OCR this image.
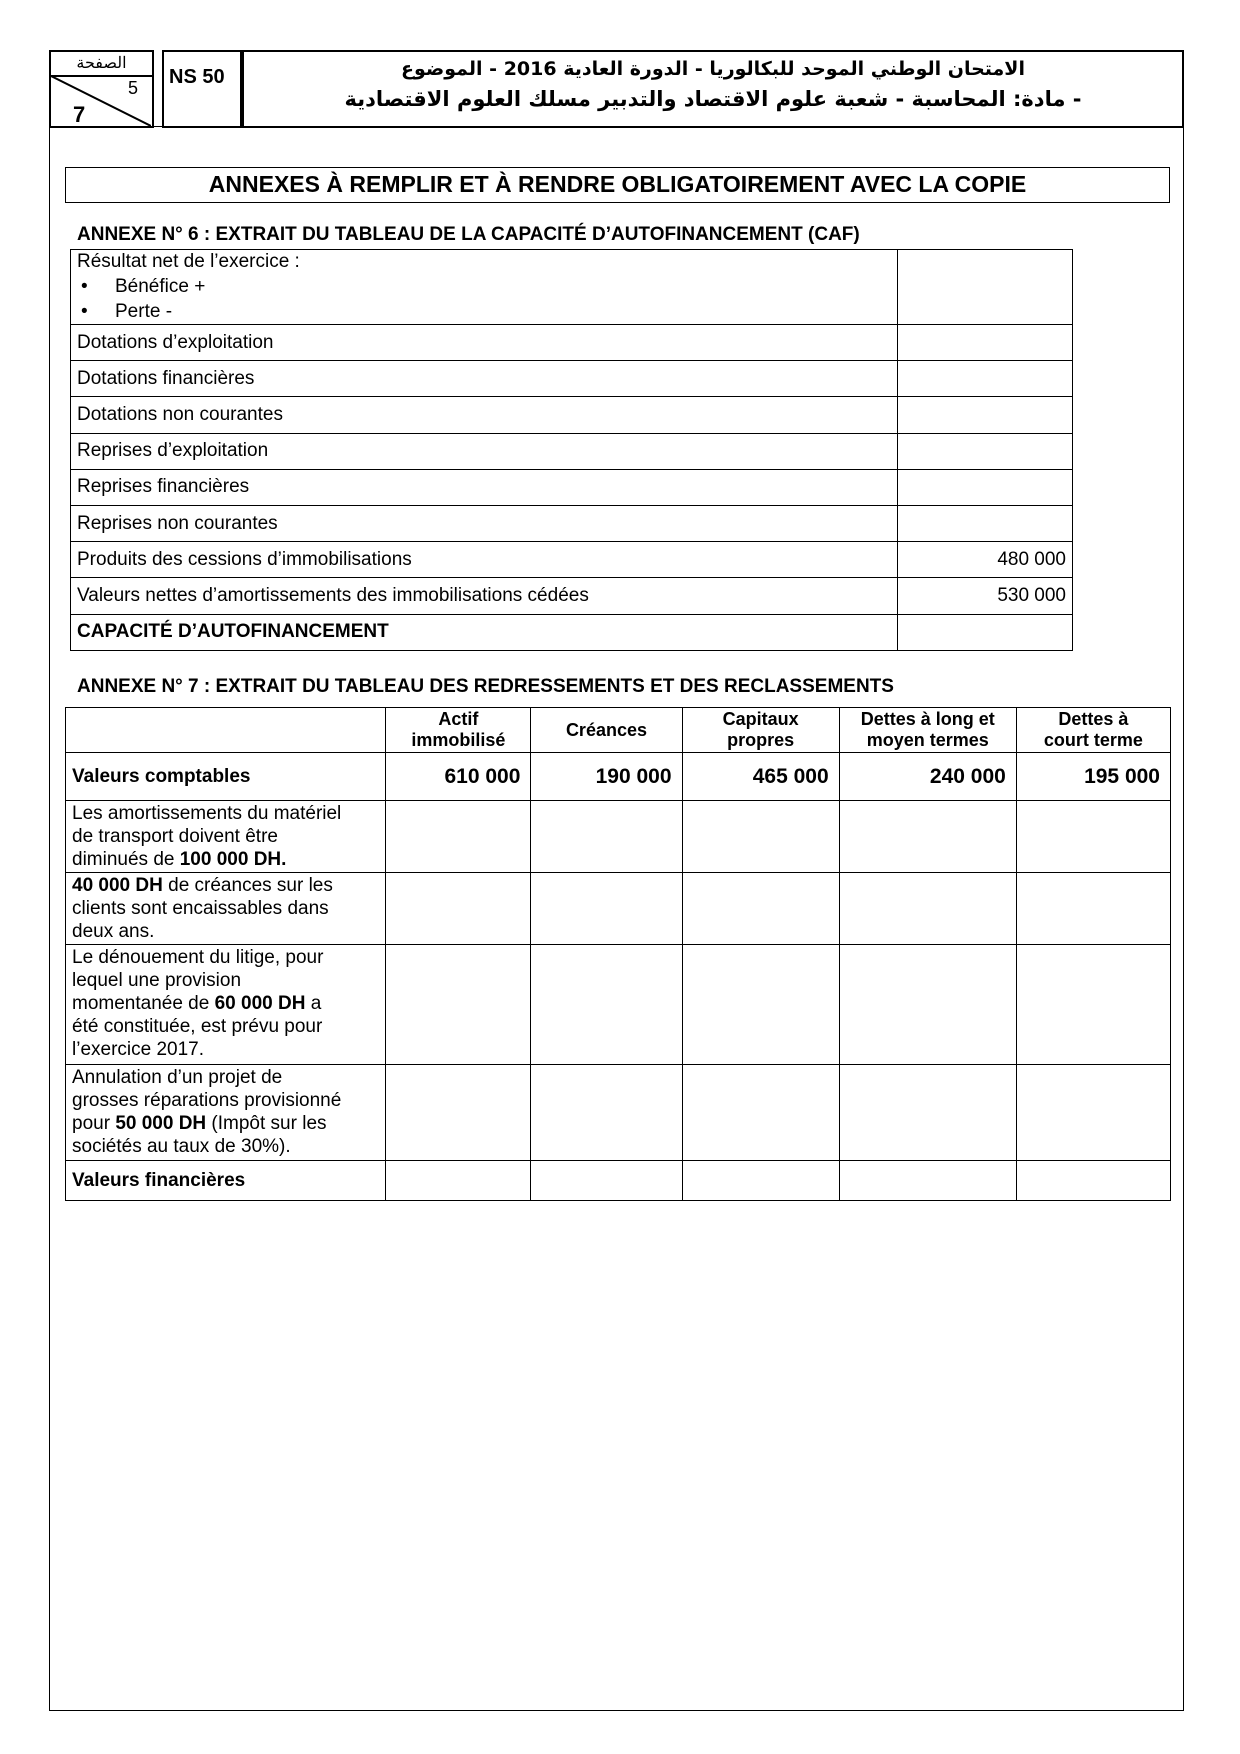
الصفحة
5
7
NS 50	الامتحان الوطني الموحد للبكالوريا - الدورة العادية 2016 - الموضوع
- مادة: المحاسبة - شعبة علوم الاقتصاد والتدبير مسلك العلوم الاقتصادية
ANNEXES À REMPLIR ET À RENDRE OBLIGATOIREMENT AVEC LA COPIE
ANNEXE N° 6 : EXTRAIT DU TABLEAU DE LA CAPACITÉ D’AUTOFINANCEMENT (CAF)
Résultat net de l’exercice :
• Bénéfice +
• Perte -	

Dotations d’exploitation	
Dotations financières	
Dotations non courantes	
Reprises d’exploitation	
Reprises financières	
Reprises non courantes	
Produits des cessions d’immobilisations	480 000
Valeurs nettes d’amortissements des immobilisations cédées	530 000
CAPACITÉ D’AUTOFINANCEMENT	
ANNEXE N° 7 : EXTRAIT DU TABLEAU DES REDRESSEMENTS ET DES RECLASSEMENTS
	Actif
immobilisé	Créances	Capitaux
propres	Dettes à long et
moyen termes	Dettes à
court terme
Valeurs comptables	610 000	190 000	465 000	240 000	195 000
Les amortissements du matériel
de transport doivent être
diminués de 100 000 DH.					
40 000 DH de créances sur les
clients sont encaissables dans
deux ans.					
Le dénouement du litige, pour
lequel une provision
momentanée de 60 000 DH a
été constituée, est prévu pour
l’exercice 2017.					
Annulation d’un projet de
grosses réparations provisionné
pour 50 000 DH (Impôt sur les
sociétés au taux de 30%).					
Valeurs financières					
